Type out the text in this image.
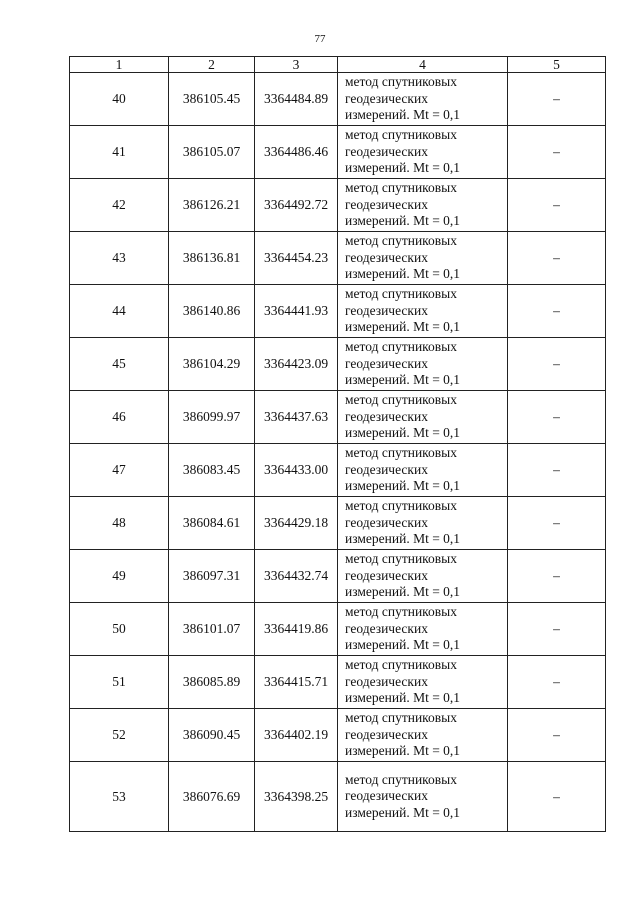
77
1	2	3	4	5
40	386105.45	3364484.89	метод спутниковых
геодезических
измерений. Mt = 0,1	–
41	386105.07	3364486.46	метод спутниковых
геодезических
измерений. Mt = 0,1	–
42	386126.21	3364492.72	метод спутниковых
геодезических
измерений. Mt = 0,1	–
43	386136.81	3364454.23	метод спутниковых
геодезических
измерений. Mt = 0,1	–
44	386140.86	3364441.93	метод спутниковых
геодезических
измерений. Mt = 0,1	–
45	386104.29	3364423.09	метод спутниковых
геодезических
измерений. Mt = 0,1	–
46	386099.97	3364437.63	метод спутниковых
геодезических
измерений. Mt = 0,1	–
47	386083.45	3364433.00	метод спутниковых
геодезических
измерений. Mt = 0,1	–
48	386084.61	3364429.18	метод спутниковых
геодезических
измерений. Mt = 0,1	–
49	386097.31	3364432.74	метод спутниковых
геодезических
измерений. Mt = 0,1	–
50	386101.07	3364419.86	метод спутниковых
геодезических
измерений. Mt = 0,1	–
51	386085.89	3364415.71	метод спутниковых
геодезических
измерений. Mt = 0,1	–
52	386090.45	3364402.19	метод спутниковых
геодезических
измерений. Mt = 0,1	–
53	386076.69	3364398.25	метод спутниковых
геодезических
измерений. Mt = 0,1	–
